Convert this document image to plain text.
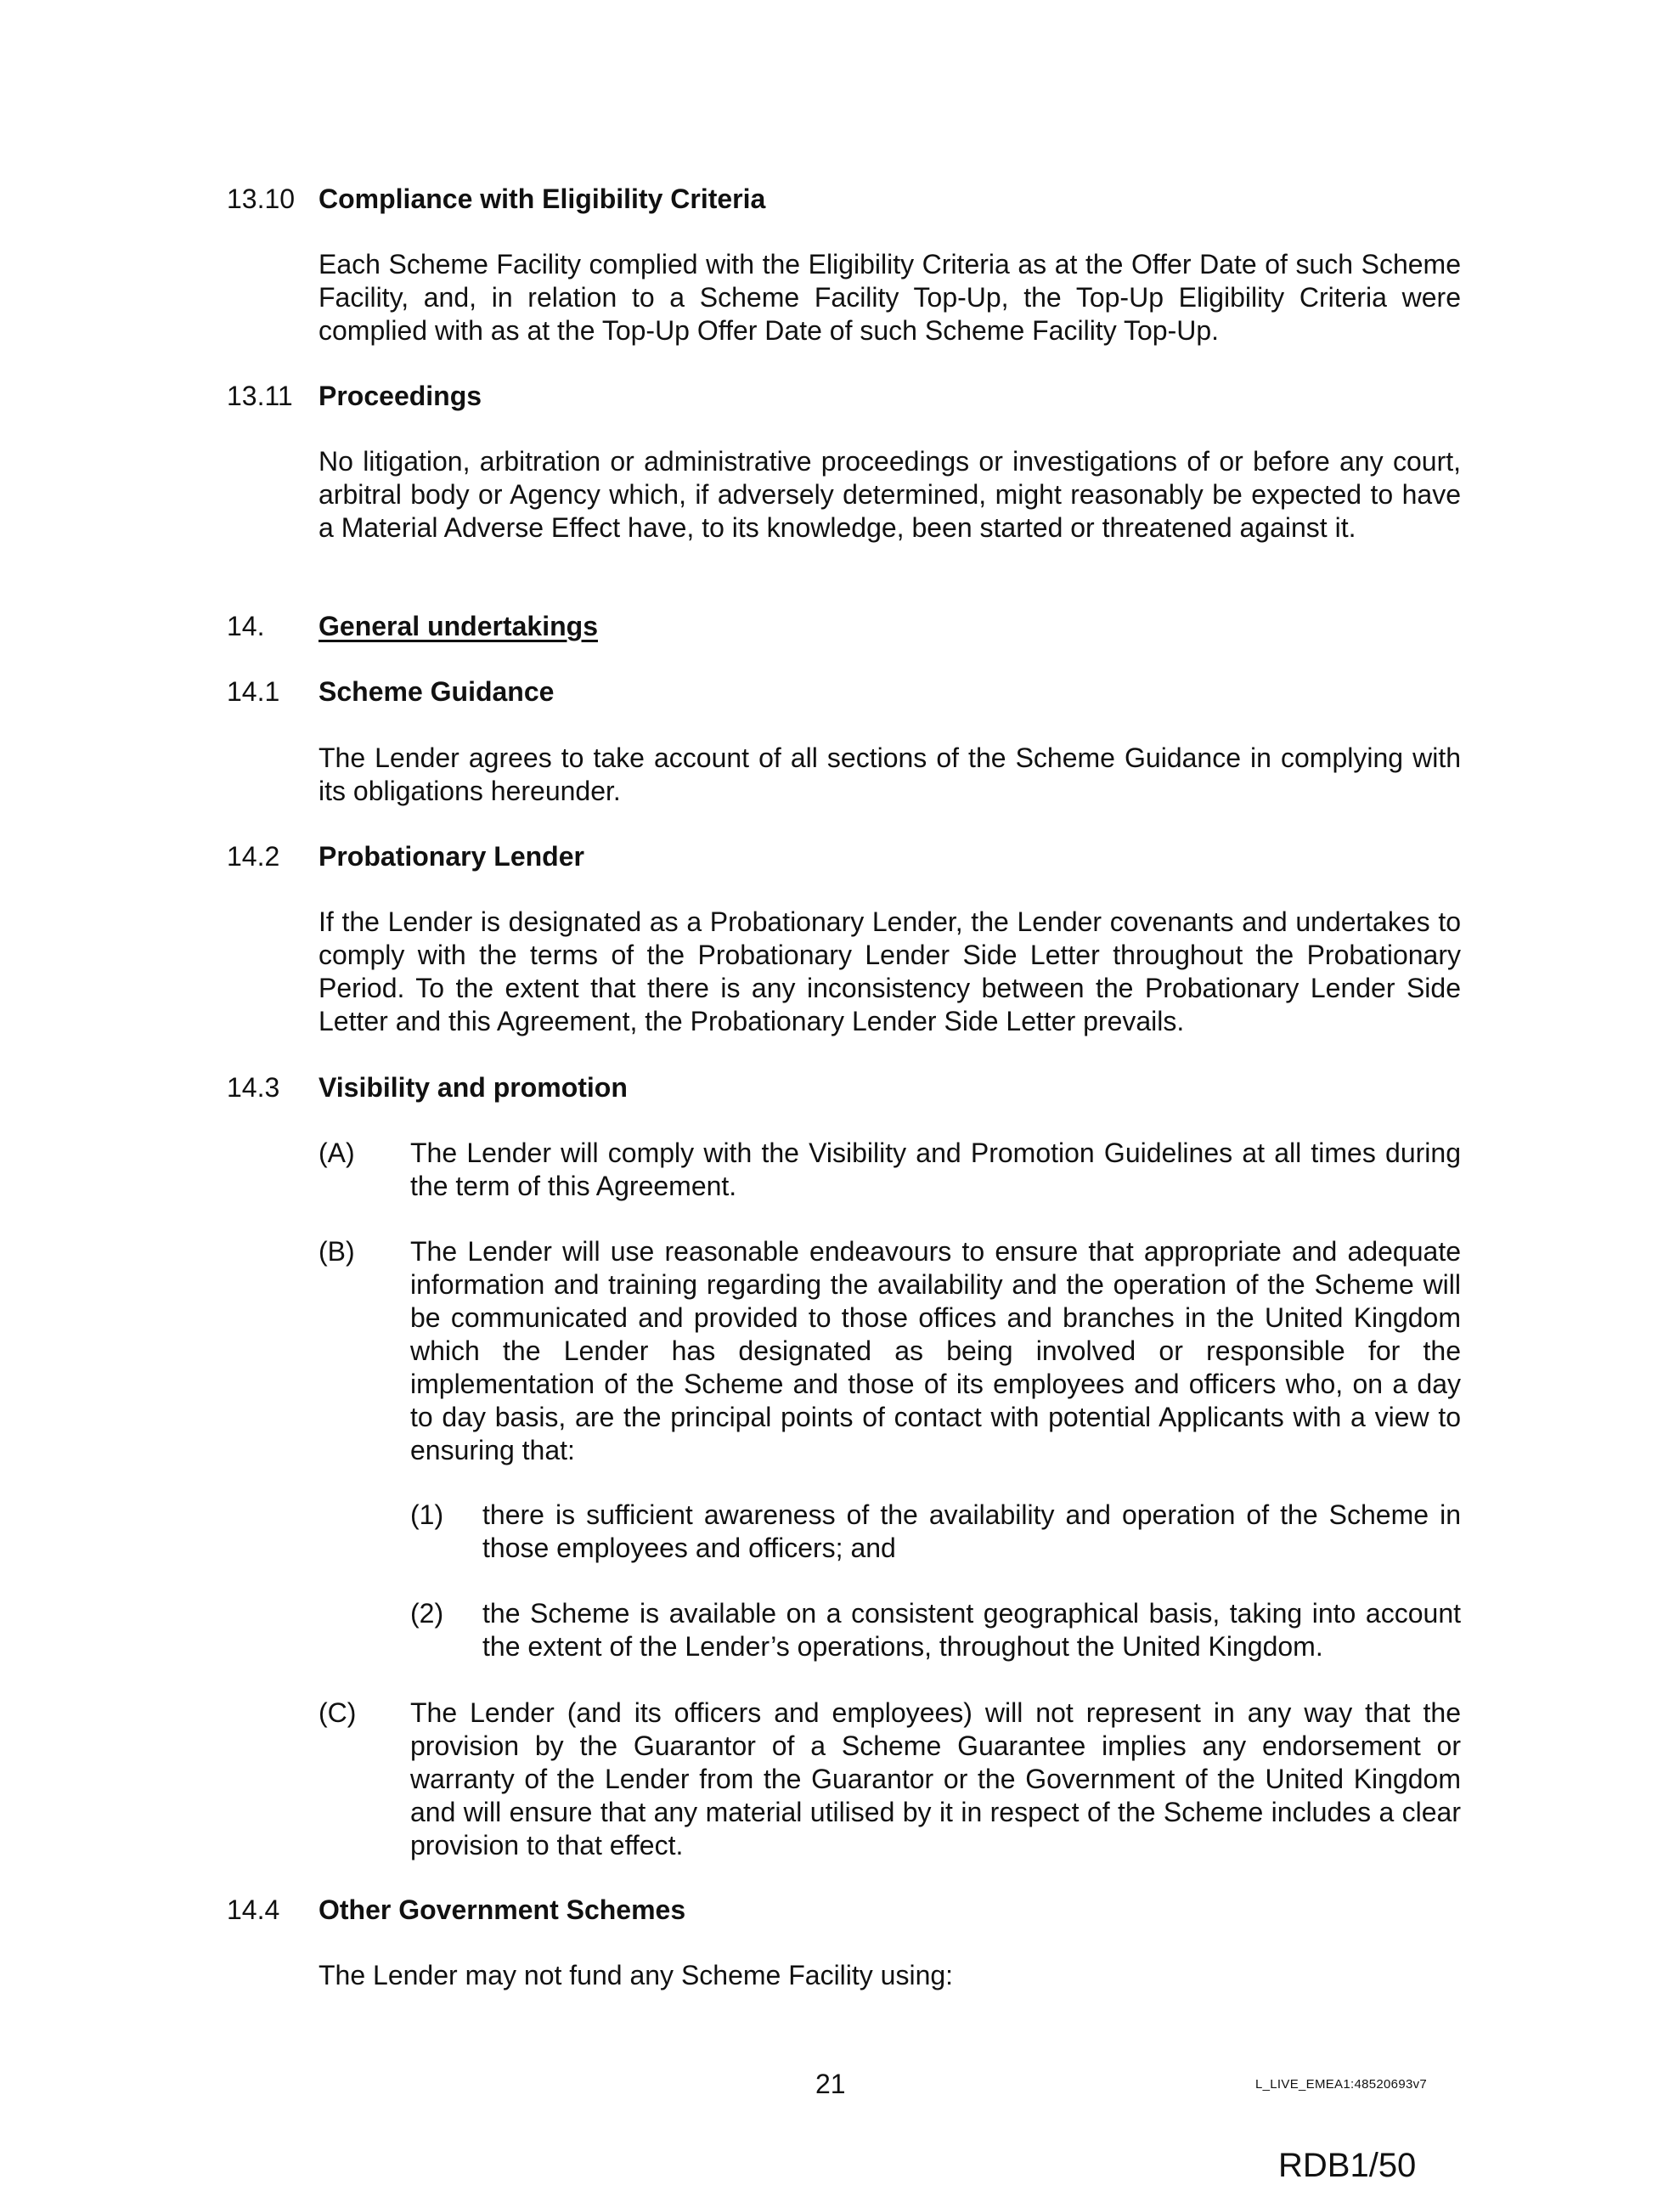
13.10 Compliance with Eligibility Criteria
Each Scheme Facility complied with the Eligibility Criteria as at the Offer Date of such Scheme Facility, and, in relation to a Scheme Facility Top-Up, the Top-Up Eligibility Criteria were complied with as at the Top-Up Offer Date of such Scheme Facility Top-Up.
13.11 Proceedings
No litigation, arbitration or administrative proceedings or investigations of or before any court, arbitral body or Agency which, if adversely determined, might reasonably be expected to have a Material Adverse Effect have, to its knowledge, been started or threatened against it.
14. General undertakings
14.1 Scheme Guidance
The Lender agrees to take account of all sections of the Scheme Guidance in complying with its obligations hereunder.
14.2 Probationary Lender
If the Lender is designated as a Probationary Lender, the Lender covenants and undertakes to comply with the terms of the Probationary Lender Side Letter throughout the Probationary Period. To the extent that there is any inconsistency between the Probationary Lender Side Letter and this Agreement, the Probationary Lender Side Letter prevails.
14.3 Visibility and promotion
(A) The Lender will comply with the Visibility and Promotion Guidelines at all times during the term of this Agreement.
(B) The Lender will use reasonable endeavours to ensure that appropriate and adequate information and training regarding the availability and the operation of the Scheme will be communicated and provided to those offices and branches in the United Kingdom which the Lender has designated as being involved or responsible for the implementation of the Scheme and those of its employees and officers who, on a day to day basis, are the principal points of contact with potential Applicants with a view to ensuring that:
(1) there is sufficient awareness of the availability and operation of the Scheme in those employees and officers; and
(2) the Scheme is available on a consistent geographical basis, taking into account the extent of the Lender’s operations, throughout the United Kingdom.
(C) The Lender (and its officers and employees) will not represent in any way that the provision by the Guarantor of a Scheme Guarantee implies any endorsement or warranty of the Lender from the Guarantor or the Government of the United Kingdom and will ensure that any material utilised by it in respect of the Scheme includes a clear provision to that effect.
14.4 Other Government Schemes
The Lender may not fund any Scheme Facility using:
21	L_LIVE_EMEA1:48520693v7
RDB1/50
